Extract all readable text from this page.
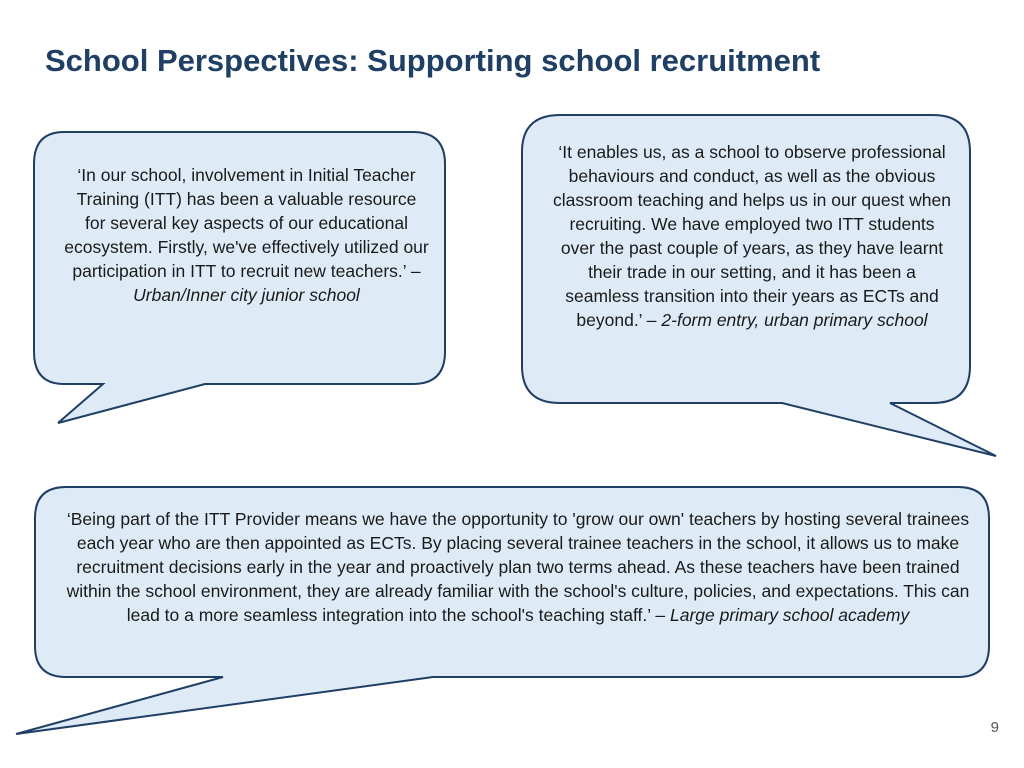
School Perspectives: Supporting school recruitment
‘In our school, involvement in Initial Teacher Training (ITT) has been a valuable resource for several key aspects of our educational ecosystem. Firstly, we've effectively utilized our participation in ITT to recruit new teachers.’ – Urban/Inner city junior school
‘It enables us, as a school to observe professional behaviours and conduct, as well as the obvious classroom teaching and helps us in our quest when recruiting. We have employed two ITT students over the past couple of years, as they have learnt their trade in our setting, and it has been a seamless transition into their years as ECTs and beyond.’ – 2-form entry, urban primary school
‘Being part of the ITT Provider means we have the opportunity to 'grow our own' teachers by hosting several trainees each year who are then appointed as ECTs. By placing several trainee teachers in the school, it allows us to make recruitment decisions early in the year and proactively plan two terms ahead. As these teachers have been trained within the school environment, they are already familiar with the school's culture, policies, and expectations. This can lead to a more seamless integration into the school's teaching staff.’ – Large primary school academy
9
